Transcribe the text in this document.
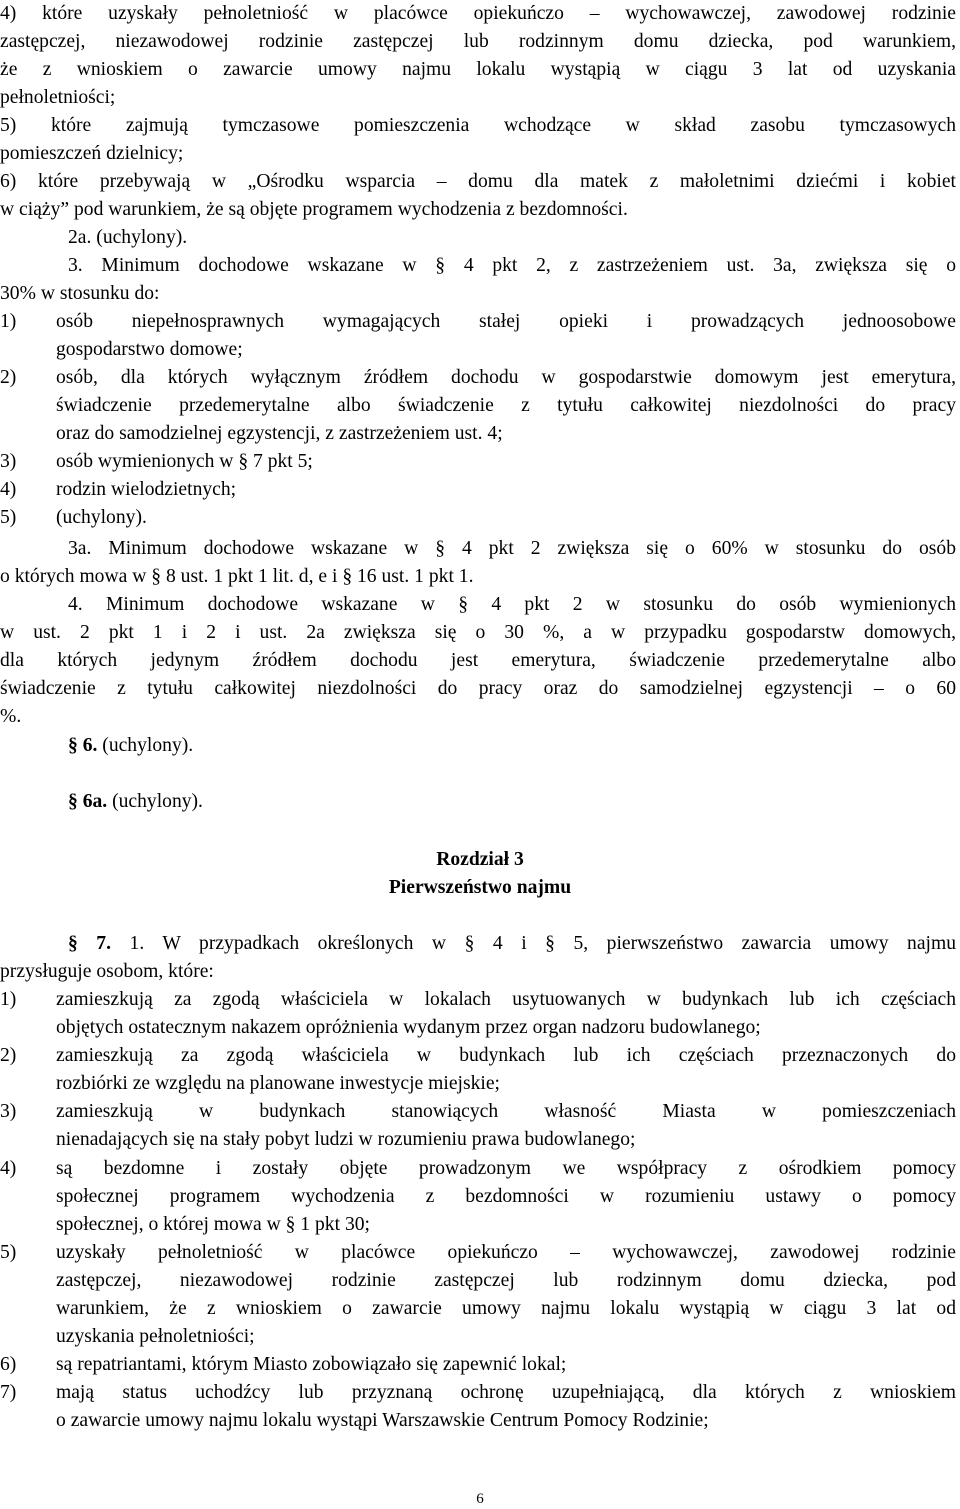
4) które uzyskały pełnoletniość w placówce opiekuńczo – wychowawczej, zawodowej rodzinie
zastępczej, niezawodowej rodzinie zastępczej lub rodzinnym domu dziecka, pod warunkiem,
że z wnioskiem o zawarcie umowy najmu lokalu wystąpią w ciągu 3 lat od uzyskania
pełnoletniości;
5) które zajmują tymczasowe pomieszczenia wchodzące w skład zasobu tymczasowych
pomieszczeń dzielnicy;
6) które przebywają w „Ośrodku wsparcia – domu dla matek z małoletnimi dziećmi i kobiet
w ciąży” pod warunkiem, że są objęte programem wychodzenia z bezdomności.
2a. (uchylony).
3. Minimum dochodowe wskazane w § 4 pkt 2, z zastrzeżeniem ust. 3a, zwiększa się o
30% w stosunku do:
1) osób niepełnosprawnych wymagających stałej opieki i prowadzących jednoosobowe
gospodarstwo domowe;
2) osób, dla których wyłącznym źródłem dochodu w gospodarstwie domowym jest emerytura,
świadczenie przedemerytalne albo świadczenie z tytułu całkowitej niezdolności do pracy
oraz do samodzielnej egzystencji, z zastrzeżeniem ust. 4;
3) osób wymienionych w § 7 pkt 5;
4) rodzin wielodzietnych;
5) (uchylony).
3a. Minimum dochodowe wskazane w § 4 pkt 2 zwiększa się o 60% w stosunku do osób
o których mowa w § 8 ust. 1 pkt 1 lit. d, e i § 16 ust. 1 pkt 1.
4. Minimum dochodowe wskazane w § 4 pkt 2 w stosunku do osób wymienionych
w ust. 2 pkt 1 i 2 i ust. 2a zwiększa się o 30 %, a w przypadku gospodarstw domowych,
dla których jedynym źródłem dochodu jest emerytura, świadczenie przedemerytalne albo
świadczenie z tytułu całkowitej niezdolności do pracy oraz do samodzielnej egzystencji – o 60
%.
§ 6. (uchylony).
§ 6a. (uchylony).
Rozdział 3
Pierwszeństwo najmu
§ 7. 1. W przypadkach określonych w § 4 i § 5, pierwszeństwo zawarcia umowy najmu
przysługuje osobom, które:
1) zamieszkują za zgodą właściciela w lokalach usytuowanych w budynkach lub ich częściach
objętych ostatecznym nakazem opróżnienia wydanym przez organ nadzoru budowlanego;
2) zamieszkują za zgodą właściciela w budynkach lub ich częściach przeznaczonych do
rozbiórki ze względu na planowane inwestycje miejskie;
3) zamieszkują w budynkach stanowiących własność Miasta w pomieszczeniach
nienadających się na stały pobyt ludzi w rozumieniu prawa budowlanego;
4) są bezdomne i zostały objęte prowadzonym we współpracy z ośrodkiem pomocy
społecznej programem wychodzenia z bezdomności w rozumieniu ustawy o pomocy
społecznej, o której mowa w § 1 pkt 30;
5) uzyskały pełnoletniość w placówce opiekuńczo – wychowawczej, zawodowej rodzinie
zastępczej, niezawodowej rodzinie zastępczej lub rodzinnym domu dziecka, pod
warunkiem, że z wnioskiem o zawarcie umowy najmu lokalu wystąpią w ciągu 3 lat od
uzyskania pełnoletniości;
6) są repatriantami, którym Miasto zobowiązało się zapewnić lokal;
7) mają status uchodźcy lub przyznaną ochronę uzupełniającą, dla których z wnioskiem
o zawarcie umowy najmu lokalu wystąpi Warszawskie Centrum Pomocy Rodzinie;
6
